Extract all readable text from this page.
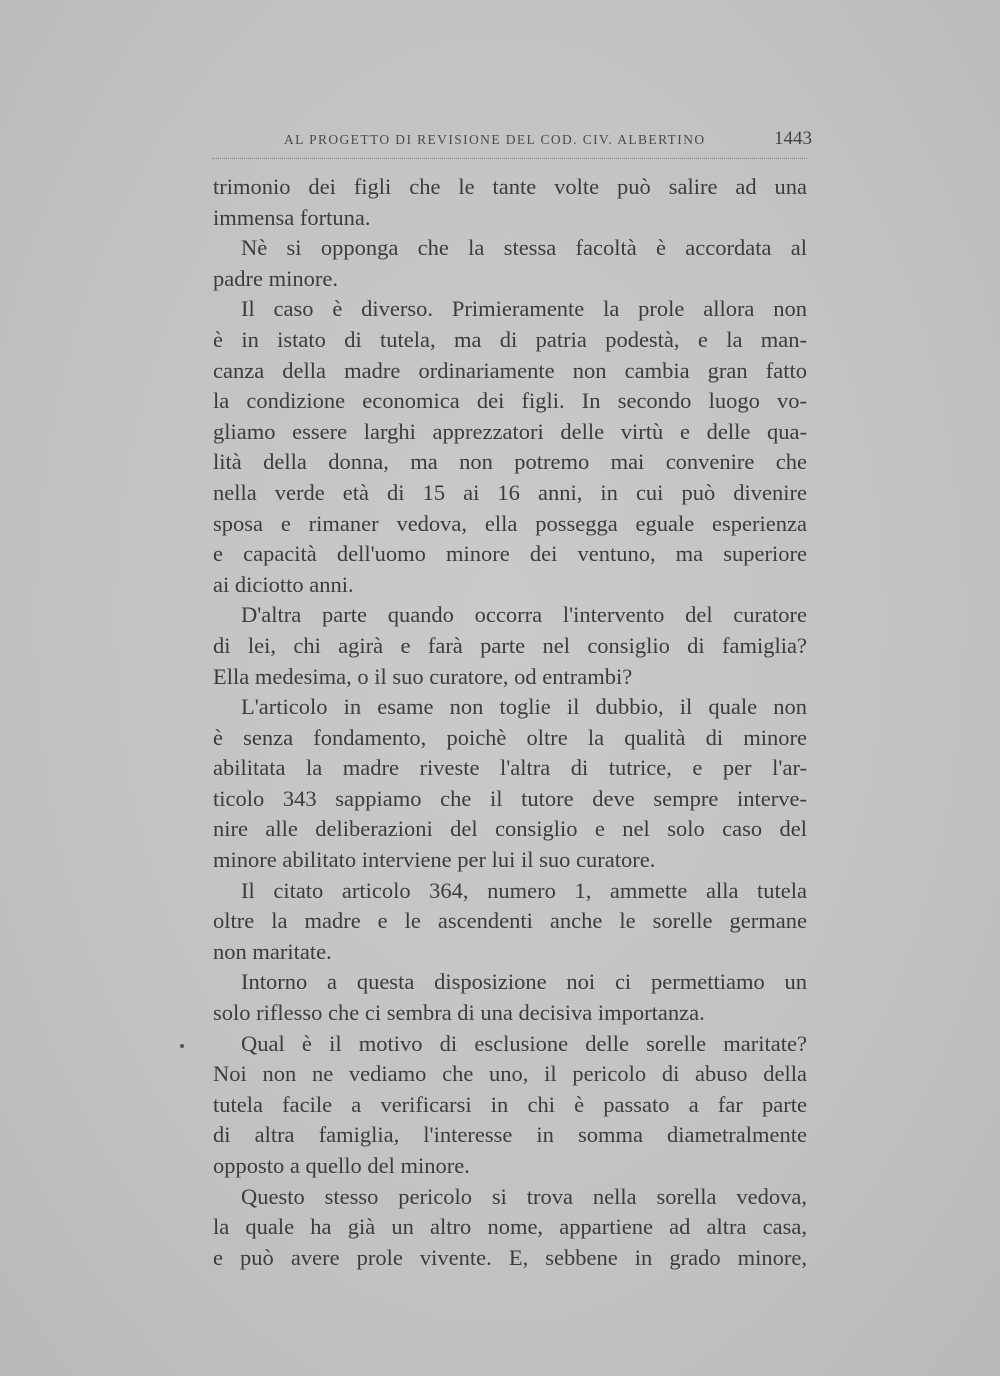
AL PROGETTO DI REVISIONE DEL COD. CIV. ALBERTINO	1443
trimonio dei figli che le tante volte può salire ad una
immensa fortuna.
Nè si opponga che la stessa facoltà è accordata al
padre minore.
Il caso è diverso. Primieramente la prole allora non
è in istato di tutela, ma di patria podestà, e la man-
canza della madre ordinariamente non cambia gran fatto
la condizione economica dei figli. In secondo luogo vo-
gliamo essere larghi apprezzatori delle virtù e delle qua-
lità della donna, ma non potremo mai convenire che
nella verde età di 15 ai 16 anni, in cui può divenire
sposa e rimaner vedova, ella possegga eguale esperienza
e capacità dell'uomo minore dei ventuno, ma superiore
ai diciotto anni.
D'altra parte quando occorra l'intervento del curatore
di lei, chi agirà e farà parte nel consiglio di famiglia?
Ella medesima, o il suo curatore, od entrambi?
L'articolo in esame non toglie il dubbio, il quale non
è senza fondamento, poichè oltre la qualità di minore
abilitata la madre riveste l'altra di tutrice, e per l'ar-
ticolo 343 sappiamo che il tutore deve sempre interve-
nire alle deliberazioni del consiglio e nel solo caso del
minore abilitato interviene per lui il suo curatore.
Il citato articolo 364, numero 1, ammette alla tutela
oltre la madre e le ascendenti anche le sorelle germane
non maritate.
Intorno a questa disposizione noi ci permettiamo un
solo riflesso che ci sembra di una decisiva importanza.
Qual è il motivo di esclusione delle sorelle maritate?
Noi non ne vediamo che uno, il pericolo di abuso della
tutela facile a verificarsi in chi è passato a far parte
di altra famiglia, l'interesse in somma diametralmente
opposto a quello del minore.
Questo stesso pericolo si trova nella sorella vedova,
la quale ha già un altro nome, appartiene ad altra casa,
e può avere prole vivente. E, sebbene in grado minore,
